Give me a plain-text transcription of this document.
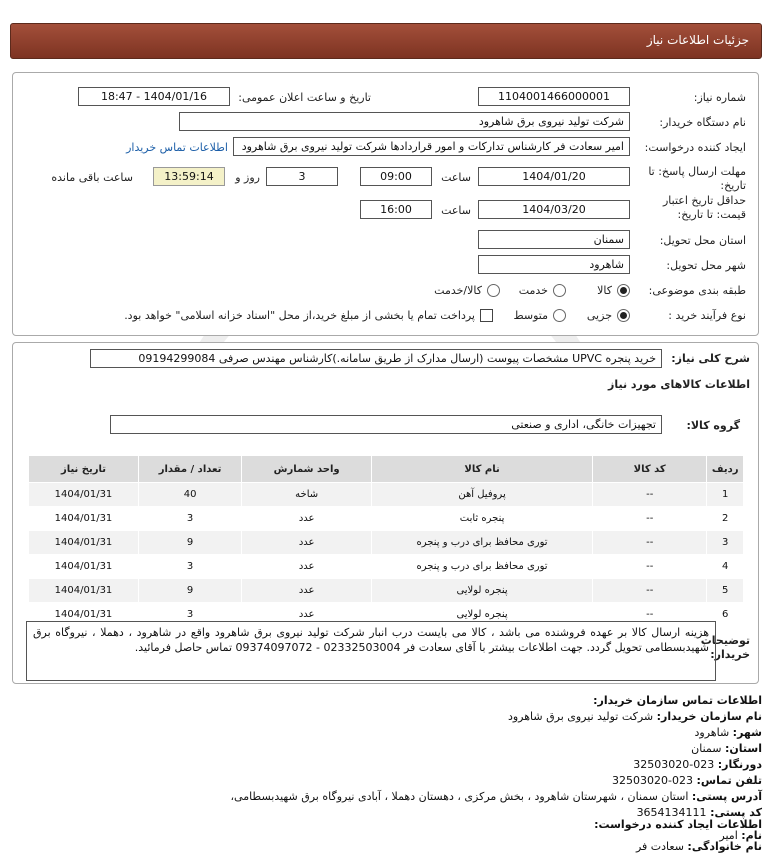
جزئیات اطلاعات نیاز
شماره نیاز:
1104001466000001
تاریخ و ساعت اعلان عمومی:
1404/01/16 - 18:47
نام دستگاه خریدار:
شرکت تولید نیروی برق شاهرود
ایجاد کننده درخواست:
امیر سعادت فر کارشناس تدارکات و امور قراردادها شرکت تولید نیروی برق شاهرود
اطلاعات تماس خریدار
مهلت ارسال پاسخ: تا تاریخ:
1404/01/20
ساعت
09:00
3
روز و
13:59:14
ساعت باقی مانده
حداقل تاریخ اعتبار قیمت: تا تاریخ:
1404/03/20
ساعت
16:00
استان محل تحویل:
سمنان
شهر محل تحویل:
شاهرود
طبقه بندی موضوعی:
کالا
خدمت
کالا/خدمت
نوع فرآیند خرید :
جزیی
متوسط
پرداخت تمام یا بخشی از مبلغ خرید،از محل "اسناد خزانه اسلامی" خواهد بود.
شرح کلی نیاز:
خرید پنجره UPVC مشخصات پیوست (ارسال مدارک از طریق سامانه.)کارشناس مهندس صرفی 09194299084
اطلاعات کالاهای مورد نیاز
گروه کالا:
تجهیزات خانگی، اداری و صنعتی
ردیف	کد کالا	نام کالا	واحد شمارش	تعداد / مقدار	تاریخ نیاز
1	--	پروفیل آهن	شاخه	40	1404/01/31
2	--	پنجره ثابت	عدد	3	1404/01/31
3	--	توری محافظ برای درب و پنجره	عدد	9	1404/01/31
4	--	توری محافظ برای درب و پنجره	عدد	3	1404/01/31
5	--	پنجره لولایی	عدد	9	1404/01/31
6	--	پنجره لولایی	عدد	3	1404/01/31
توضیحات خریدار:
هزینه ارسال کالا بر عهده فروشنده می باشد ، کالا می بایست درب انبار شرکت تولید نیروی برق شاهرود واقع در شاهرود ، دهملا ، نیروگاه برق شهیدبسطامی تحویل گردد. جهت اطلاعات بیشتر با آقای سعادت فر 02332503004 - 09374097072 تماس حاصل فرمائید.
اطلاعات تماس سازمان خریدار:
نام سازمان خریدار: شرکت تولید نیروی برق شاهرود
شهر: شاهرود
استان: سمنان
دورنگار: 023-32503020
تلفن تماس: 023-32503020
آدرس پستی: استان سمنان ، شهرستان شاهرود ، بخش مرکزی ، دهستان دهملا ، آبادی نیروگاه برق شهیدبسطامی،
کد پستی: 3654134111
اطلاعات ایجاد کننده درخواست:
نام: امیر
نام خانوادگی: سعادت فر
